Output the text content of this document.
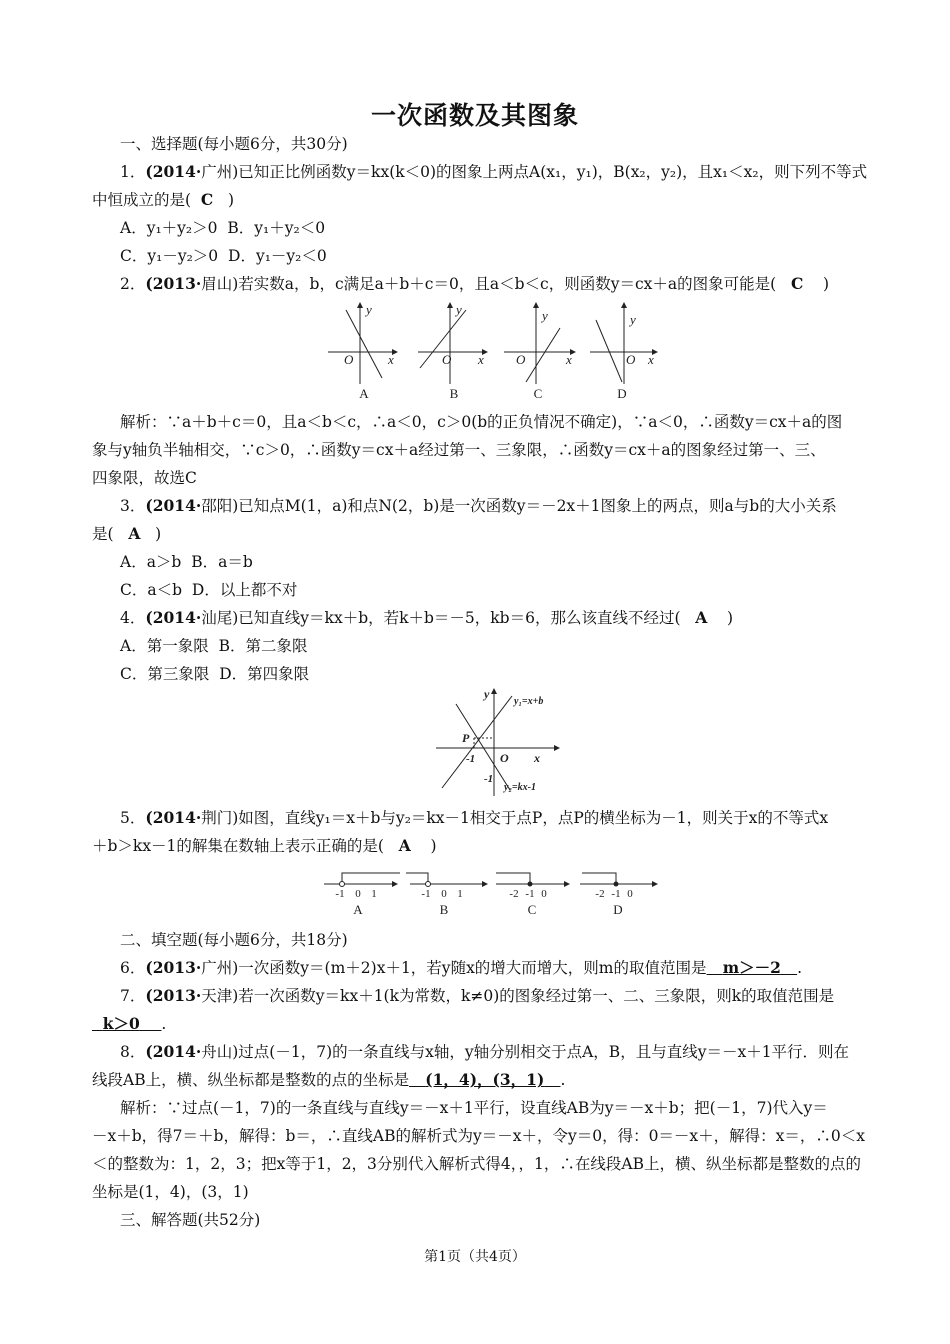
一次函数及其图象
一、选择题(每小题6分，共30分)
1．(2014·广州)已知正比例函数y＝kx(k＜0)的图象上两点A(x₁，y₁)，B(x₂，y₂)，且x₁＜x₂，则下列不等式
中恒成立的是( C )
A．y₁＋y₂＞0 B．y₁＋y₂＜0
C．y₁－y₂＞0 D．y₁－y₂＜0
2．(2013·眉山)若实数a，b，c满足a＋b＋c＝0，且a＜b＜c，则函数y＝cx＋a的图象可能是( C )
y
x
O
y
x
O
y
x
O
y
x
O
A	B	C	D
解析：∵a＋b＋c＝0，且a＜b＜c，∴a＜0，c＞0(b的正负情况不确定)，∵a＜0，∴函数y＝cx＋a的图
象与y轴负半轴相交，∵c＞0，∴函数y＝cx＋a经过第一、三象限，∴函数y＝cx＋a的图象经过第一、三、
四象限，故选C
3．(2014·邵阳)已知点M(1，a)和点N(2，b)是一次函数y＝－2x＋1图象上的两点，则a与b的大小关系
是( A )
A．a＞b B．a＝b
C．a＜b D．以上都不对
4．(2014·汕尾)已知直线y＝kx＋b，若k＋b＝－5，kb＝6，那么该直线不经过( A )
A．第一象限 B．第二象限
C．第三象限 D．第四象限
y
y₁=x+b
P
-1 O x
-1
y₂=kx-1
5．(2014·荆门)如图，直线y₁＝x＋b与y₂＝kx－1相交于点P，点P的横坐标为－1，则关于x的不等式x
＋b＞kx－1的解集在数轴上表示正确的是( A )
-1 0 1	-1 0 1	-2 -1 0	-2 -1 0
A	B	C	D
二、填空题(每小题6分，共18分)
6．(2013·广州)一次函数y＝(m＋2)x＋1，若y随x的增大而增大，则m的取值范围是 m＞－2 .
7．(2013·天津)若一次函数y＝kx＋1(k为常数，k≠0)的图象经过第一、二、三象限，则k的取值范围是
k＞0 .
8．(2014·舟山)过点(－1，7)的一条直线与x轴，y轴分别相交于点A，B，且与直线y＝－x＋1平行．则在
线段AB上，横、纵坐标都是整数的点的坐标是 (1，4)，(3，1) .
解析：∵过点(－1，7)的一条直线与直线y＝－x＋1平行，设直线AB为y＝－x＋b；把(－1，7)代入y＝
－x＋b，得7＝＋b，解得：b＝，∴直线AB的解析式为y＝－x＋，令y＝0，得：0＝－x＋，解得：x＝，∴0＜x
＜的整数为：1，2，3；把x等于1，2，3分别代入解析式得4，，1，∴在线段AB上，横、纵坐标都是整数的点的
坐标是(1，4)，(3，1)
三、解答题(共52分)
第1页（共4页）
